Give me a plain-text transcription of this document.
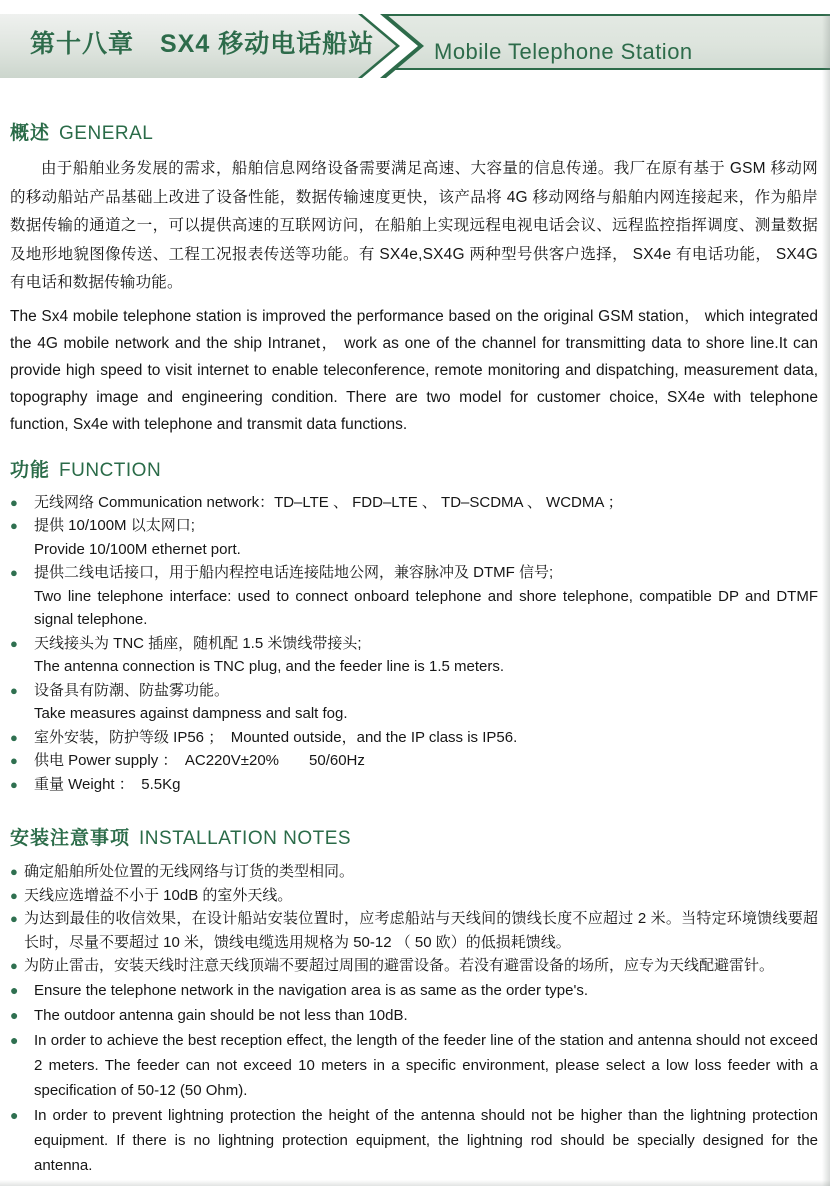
第十八章　SX4 移动电话船站	Mobile Telephone Station
概述 GENERAL

由于船舶业务发展的需求，船舶信息网络设备需要满足高速、大容量的信息传递。我厂在原有基于 GSM 移动网的移动船站产品基础上改进了设备性能，数据传输速度更快，该产品将 4G 移动网络与船舶内网连接起来，作为船岸数据传输的通道之一，可以提供高速的互联网访问，在船舶上实现远程电视电话会议、远程监控指挥调度、测量数据及地形地貌图像传送、工程工况报表传送等功能。有 SX4e,SX4G 两种型号供客户选择， SX4e 有电话功能， SX4G 有电话和数据传输功能。

The Sx4 mobile telephone station is improved the performance based on the original GSM station， which integrated the 4G mobile network and the ship Intranet， work as one of the channel for transmitting data to shore line.It can provide high speed to visit internet to enable teleconference, remote monitoring and dispatching, measurement data, topography image and engineering condition. There are two model for customer choice, SX4e with telephone function, Sx4e with telephone and transmit data functions.

功能 FUNCTION
●	无线网络 Communication network：TD–LTE 、 FDD–LTE 、 TD–SCDMA 、 WCDMA ；
●	提供 10/100M 以太网口;
Provide 10/100M ethernet port.
●	提供二线电话接口，用于船内程控电话连接陆地公网，兼容脉冲及 DTMF 信号;
Two line telephone interface: used to connect onboard telephone and shore telephone, compatible DP and DTMF signal telephone.
●	天线接头为 TNC 插座，随机配 1.5 米馈线带接头;
The antenna connection is TNC plug, and the feeder line is 1.5 meters.
●	设备具有防潮、防盐雾功能。
Take measures against dampness and salt fog.
●	室外安装，防护等级 IP56 ；　Mounted outside，and the IP class is IP56.
●	供电 Power supply ：　AC220V±20%　　50/60Hz
●	重量 Weight ：　5.5Kg
安装注意事项 INSTALLATION NOTES
● 确定船舶所处位置的无线网络与订货的类型相同。
● 天线应选增益不小于 10dB 的室外天线。
● 为达到最佳的收信效果，在设计船站安装位置时，应考虑船站与天线间的馈线长度不应超过 2 米。当特定环境馈线要超长时，尽量不要超过 10 米，馈线电缆选用规格为 50-12 （ 50 欧）的低损耗馈线。
● 为防止雷击，安装天线时注意天线顶端不要超过周围的避雷设备。若没有避雷设备的场所，应专为天线配避雷针。
●	Ensure the telephone network in the navigation area is as same as the order type's.
●	The outdoor antenna gain should be not less than 10dB.
●	In order to achieve the best reception effect, the length of the feeder line of the station and antenna should not exceed 2 meters. The feeder can not exceed 10 meters in a specific environment, please select a low loss feeder with a specification of 50-12 (50 Ohm).
●	In order to prevent lightning protection the height of the antenna should not be higher than the lightning protection equipment. If there is no lightning protection equipment, the lightning rod should be specially designed for the antenna.
